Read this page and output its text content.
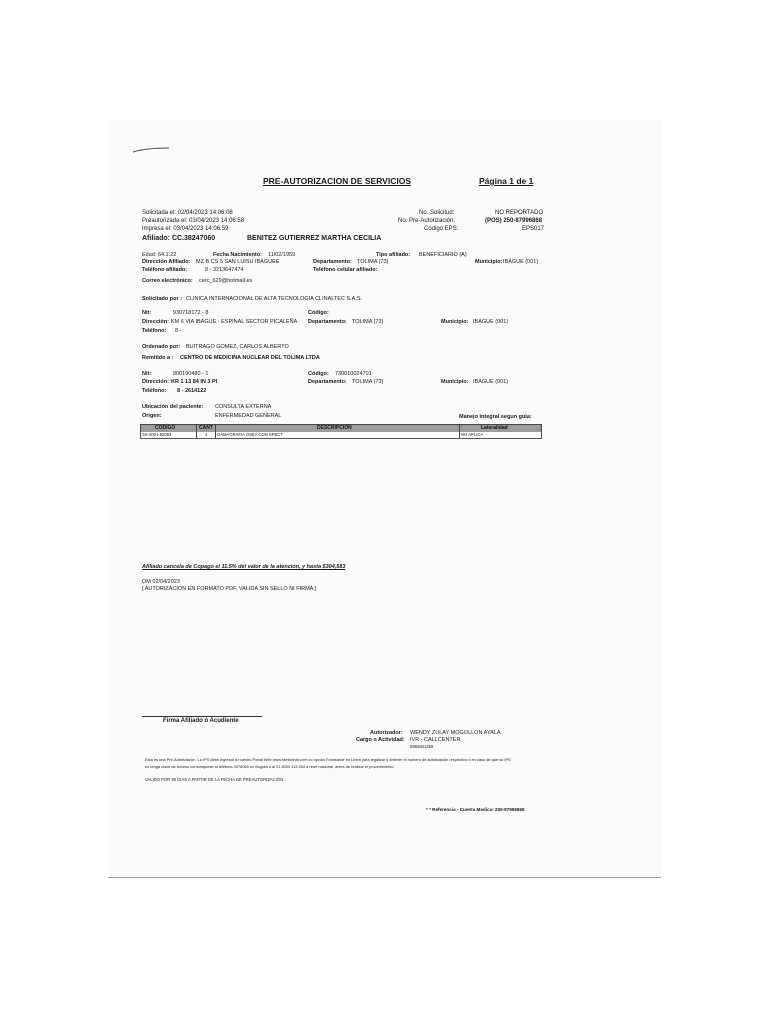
PRE-AUTORIZACION DE SERVICIOS	Página 1 de 1
Solicitada el: 02/04/2023 14:06:08
Preautorizada el: 03/04/2023 14:06:58
Impresa el: 03/04/2023 14:06:59
Afiliado: CC.38247060	BENITEZ GUTIERREZ MARTHA CECILIA
No. Solicitud:	NO REPORTADO
No. Pre-Autorización:	(POS) 250-87996868
Código EPS:	EPS017
Edad: 64.1.22	Fecha Nacimiento: 11/02/1959	Tipo afiliado: BENEFICIARIO (A)
Dirección Afiliado: MZ B CS 5 SAN LUISU IBAGUEE	Departamento: TOLIMA (73)	Municipio: IBAGUE (001)
Teléfono afiliado:	8 - 3213647474	Teléfono celular afiliado:
Correo electrónico: cerc_629@hotmail.es
Solicitado por : CLINICA INTERNACIONAL DE ALTA TECNOLOGIA CLINALTEC S.A.S.
Nit:	930718172 - 8	Código:
Dirección: KM 6 VIA IBAGUE - ESPINAL SECTOR PICALEÑA Departamento: TOLIMA (73)	Municipio: IBAGUE (001)
Teléfono: 8 -
Ordenado por: BUITRAGO GOMEZ, CARLOS ALBERTO
Remitido a : CENTRO DE MEDICINA NUCLEAR DEL TOLIMA LTDA
Nit:	800190480 - 1	Código: 730010024701
Dirección: KR 1 13 84 IN 3 PI	Departamento: TOLIMA (73)	Municipio: IBAGUE (001)
Teléfono: 8 - 2614122
Ubicación del paciente: CONSULTA EXTERNA
Origen:	ENFERMEDAD GENERAL	Manejo integral segun guia:
CODIGO	CANT	DESCRIPCION	Lateralidad
SS-2001-92093	1 GAMAGRAFIA OSEA CON SPECT	NO APLICA
Afiliado cancela de Copago el 11.5% del valor de la atención, y hasta $304,583
OM 02/04/2023
[ AUTORIZACION EN FORMATO PDF, VALIDA SIN SELLO NI FIRMA ]
Firma Afiliado ó Acudiente
Autorizador: WENDY ZULAY MOGOLLON AYALA
Cargo o Actividad: IVR - CALLCENTER
0982841359
Esta es una Pre-Autorización. La IPS debe ingresar a nuestro Portal Web www.famisanar.com.co opción Famisanar en Línea para legalizar y obtener el numero de autorización respectivo ó en caso de que su IPS
no tenga clave de acceso comuníquese al teléfono 3078069 en Bogotá ó al 01 8000 113 264 a nivel nacional, antes de realizar el procedimiento.
VALIDO POR 90 DIAS A PARTIR DE LA FECHA DE PREAUTORIZACIÓN.
* * Referencia - Cuenta Medica: 250-87996868
